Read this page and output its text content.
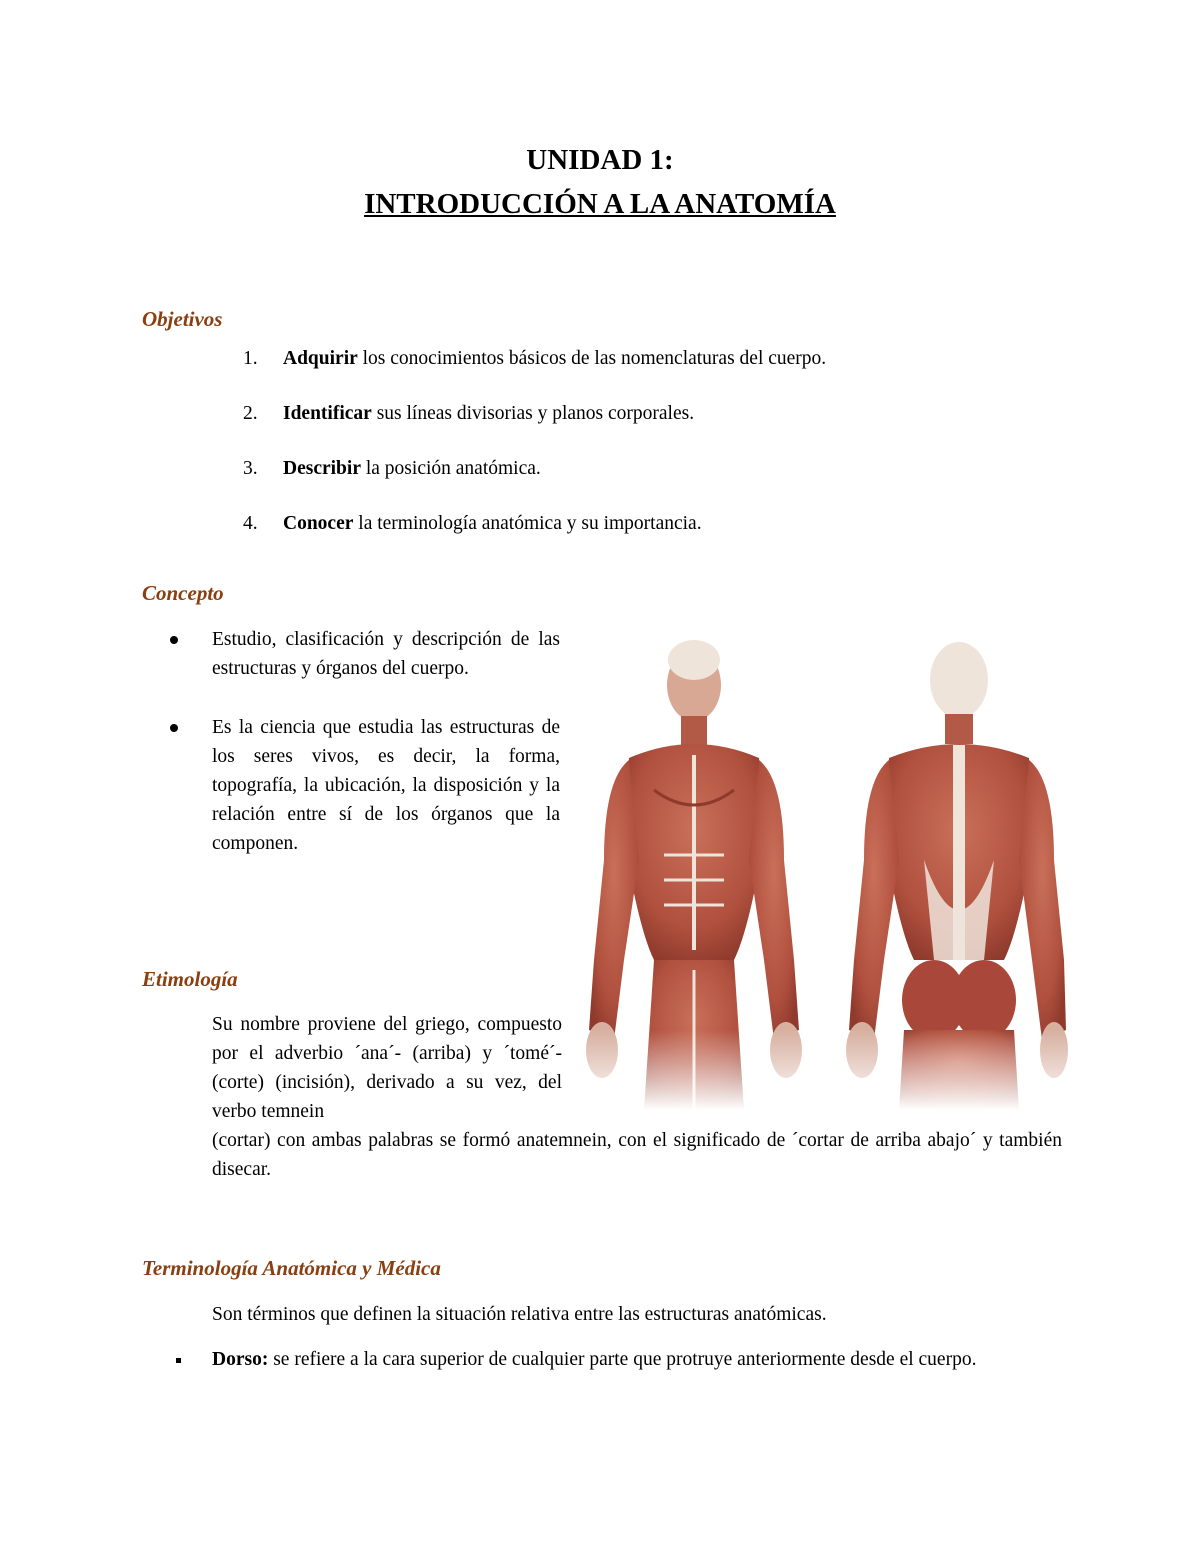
UNIDAD 1:
INTRODUCCIÓN A LA ANATOMÍA
Objetivos
1. Adquirir los conocimientos básicos de las nomenclaturas del cuerpo.
2. Identificar sus líneas divisorias y planos corporales.
3. Describir la posición anatómica.
4. Conocer la terminología anatómica y su importancia.
Concepto
Estudio, clasificación y descripción de las estructuras y órganos del cuerpo.
Es la ciencia que estudia las estructuras de los seres vivos, es decir, la forma, topografía, la ubicación, la disposición y la relación entre sí de los órganos que la componen.
Etimología
Su nombre proviene del griego, compuesto por el adverbio ´ana´- (arriba) y ´tomé´- (corte) (incisión), derivado a su vez, del verbo temnein
(cortar) con ambas palabras se formó anatemnein, con el significado de ´cortar de arriba abajo´ y también disecar.
Terminología Anatómica y Médica
Son términos que definen la situación relativa entre las estructuras anatómicas.
Dorso: se refiere a la cara superior de cualquier parte que protruye anteriormente desde el cuerpo.
